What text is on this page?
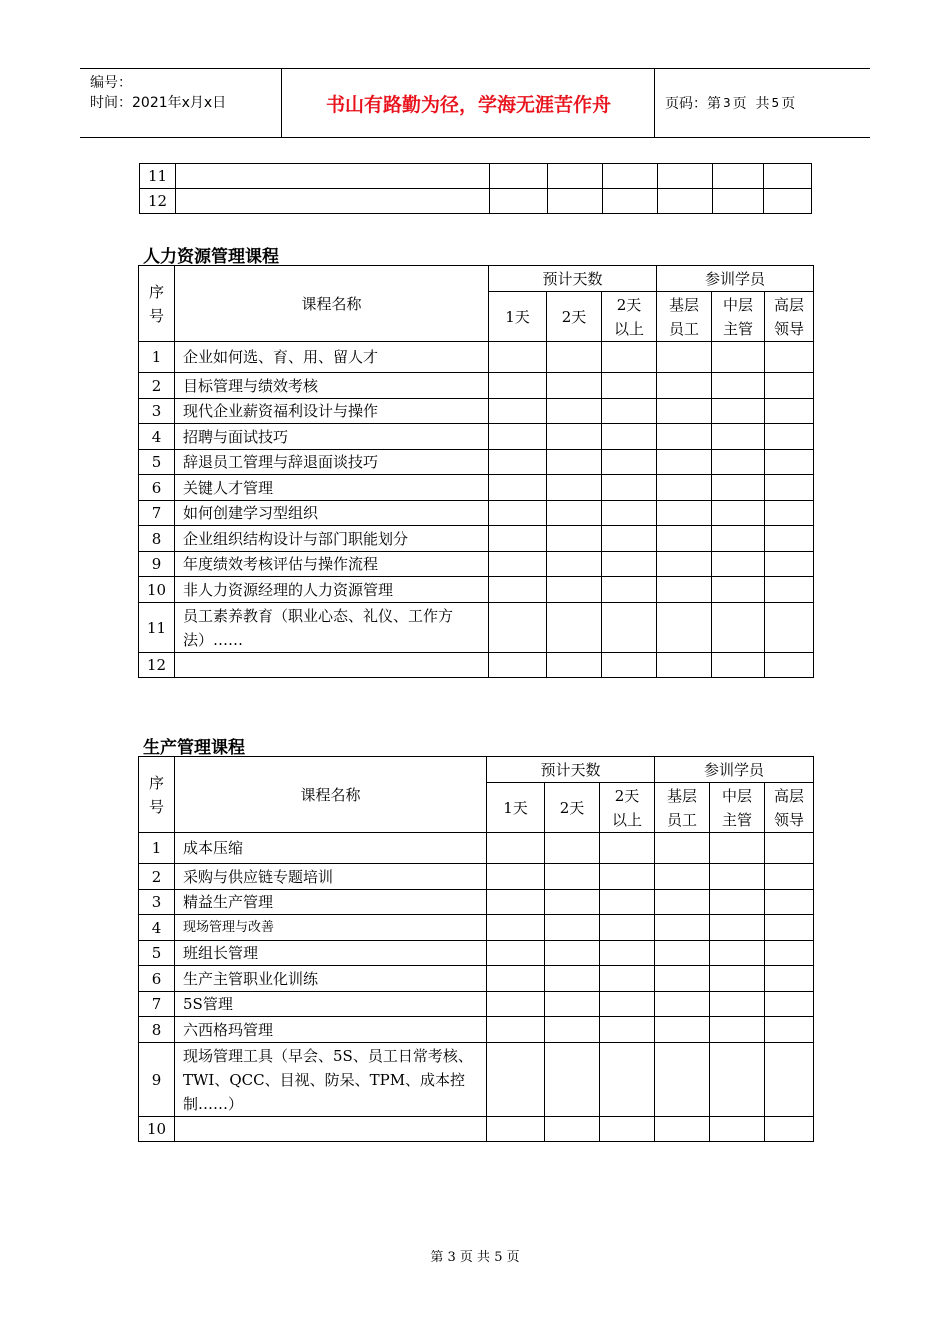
编号：
时间：2021年x月x日	书山有路勤为径，学海无涯苦作舟	页码：第 3 页  共 5 页
11							
12							
人力资源管理课程
序号	课程名称	预计天数			参训学员		
		1天	2天	2天以上	基层员工	中层主管	高层领导
1	企业如何选、育、用、留人才						
2	目标管理与绩效考核						
3	现代企业薪资福利设计与操作						
4	招聘与面试技巧						
5	辞退员工管理与辞退面谈技巧						
6	关键人才管理						
7	如何创建学习型组织						
8	企业组织结构设计与部门职能划分						
9	年度绩效考核评估与操作流程						
10	非人力资源经理的人力资源管理						
11	员工素养教育（职业心态、礼仪、工作方法）……						
12							
生产管理课程
序号	课程名称	预计天数			参训学员		
		1天	2天	2天以上	基层员工	中层主管	高层领导
1	成本压缩						
2	采购与供应链专题培训						
3	精益生产管理						
4	现场管理与改善						
5	班组长管理						
6	生产主管职业化训练						
7	5S管理						
8	六西格玛管理						
9	现场管理工具（早会、5S、员工日常考核、TWI、QCC、目视、防呆、TPM、成本控制……）						
10							
第 3 页 共 5 页
